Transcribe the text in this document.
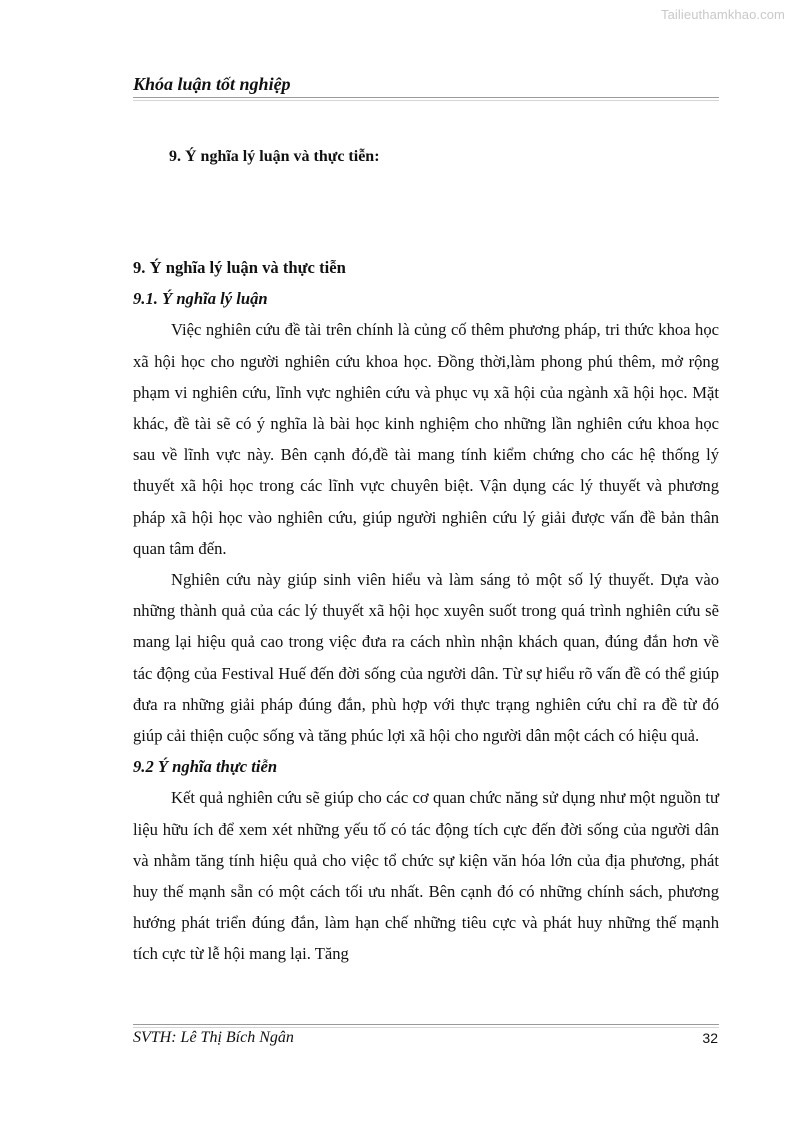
Tailieuthamkhao.com
Khóa luận tốt nghiệp
9. Ý nghĩa lý luận và thực tiễn:
9. Ý nghĩa lý luận và thực tiễn
9.1. Ý nghĩa lý luận

Việc nghiên cứu đề tài trên chính là củng cố thêm phương pháp, tri thức khoa học xã hội học cho người nghiên cứu khoa học. Đồng thời,làm phong phú thêm, mở rộng phạm vi nghiên cứu, lĩnh vực nghiên cứu và phục vụ xã hội của ngành xã hội học. Mặt khác, đề tài sẽ có ý nghĩa là bài học kinh nghiệm cho những lần nghiên cứu khoa học sau về lĩnh vực này. Bên cạnh đó,đề tài mang tính kiểm chứng cho các hệ thống lý thuyết xã hội học trong các lĩnh vực chuyên biệt. Vận dụng các lý thuyết và phương pháp xã hội học vào nghiên cứu, giúp người nghiên cứu lý giải được vấn đề bản thân quan tâm đến.

Nghiên cứu này giúp sinh viên hiểu và làm sáng tỏ một số lý thuyết. Dựa vào những thành quả của các lý thuyết xã hội học xuyên suốt trong quá trình nghiên cứu sẽ mang lại hiệu quả cao trong việc đưa ra cách nhìn nhận khách quan, đúng đắn hơn về tác động của Festival Huế đến đời sống của người dân. Từ sự hiểu rõ vấn đề có thể giúp đưa ra những giải pháp đúng đắn, phù hợp với thực trạng nghiên cứu chỉ ra đề từ đó giúp cải thiện cuộc sống và tăng phúc lợi xã hội cho người dân một cách có hiệu quả.

9.2 Ý nghĩa thực tiễn

Kết quả nghiên cứu sẽ giúp cho các cơ quan chức năng sử dụng như một nguồn tư liệu hữu ích để xem xét những yếu tố có tác động tích cực đến đời sống của người dân và nhằm tăng tính hiệu quả cho việc tổ chức sự kiện văn hóa lớn của địa phương, phát huy thế mạnh sẵn có một cách tối ưu nhất. Bên cạnh đó có những chính sách, phương hướng phát triển đúng đắn, làm hạn chế những tiêu cực và phát huy những thế mạnh tích cực từ lễ hội mang lại. Tăng

SVTH: Lê Thị Bích Ngân	32
